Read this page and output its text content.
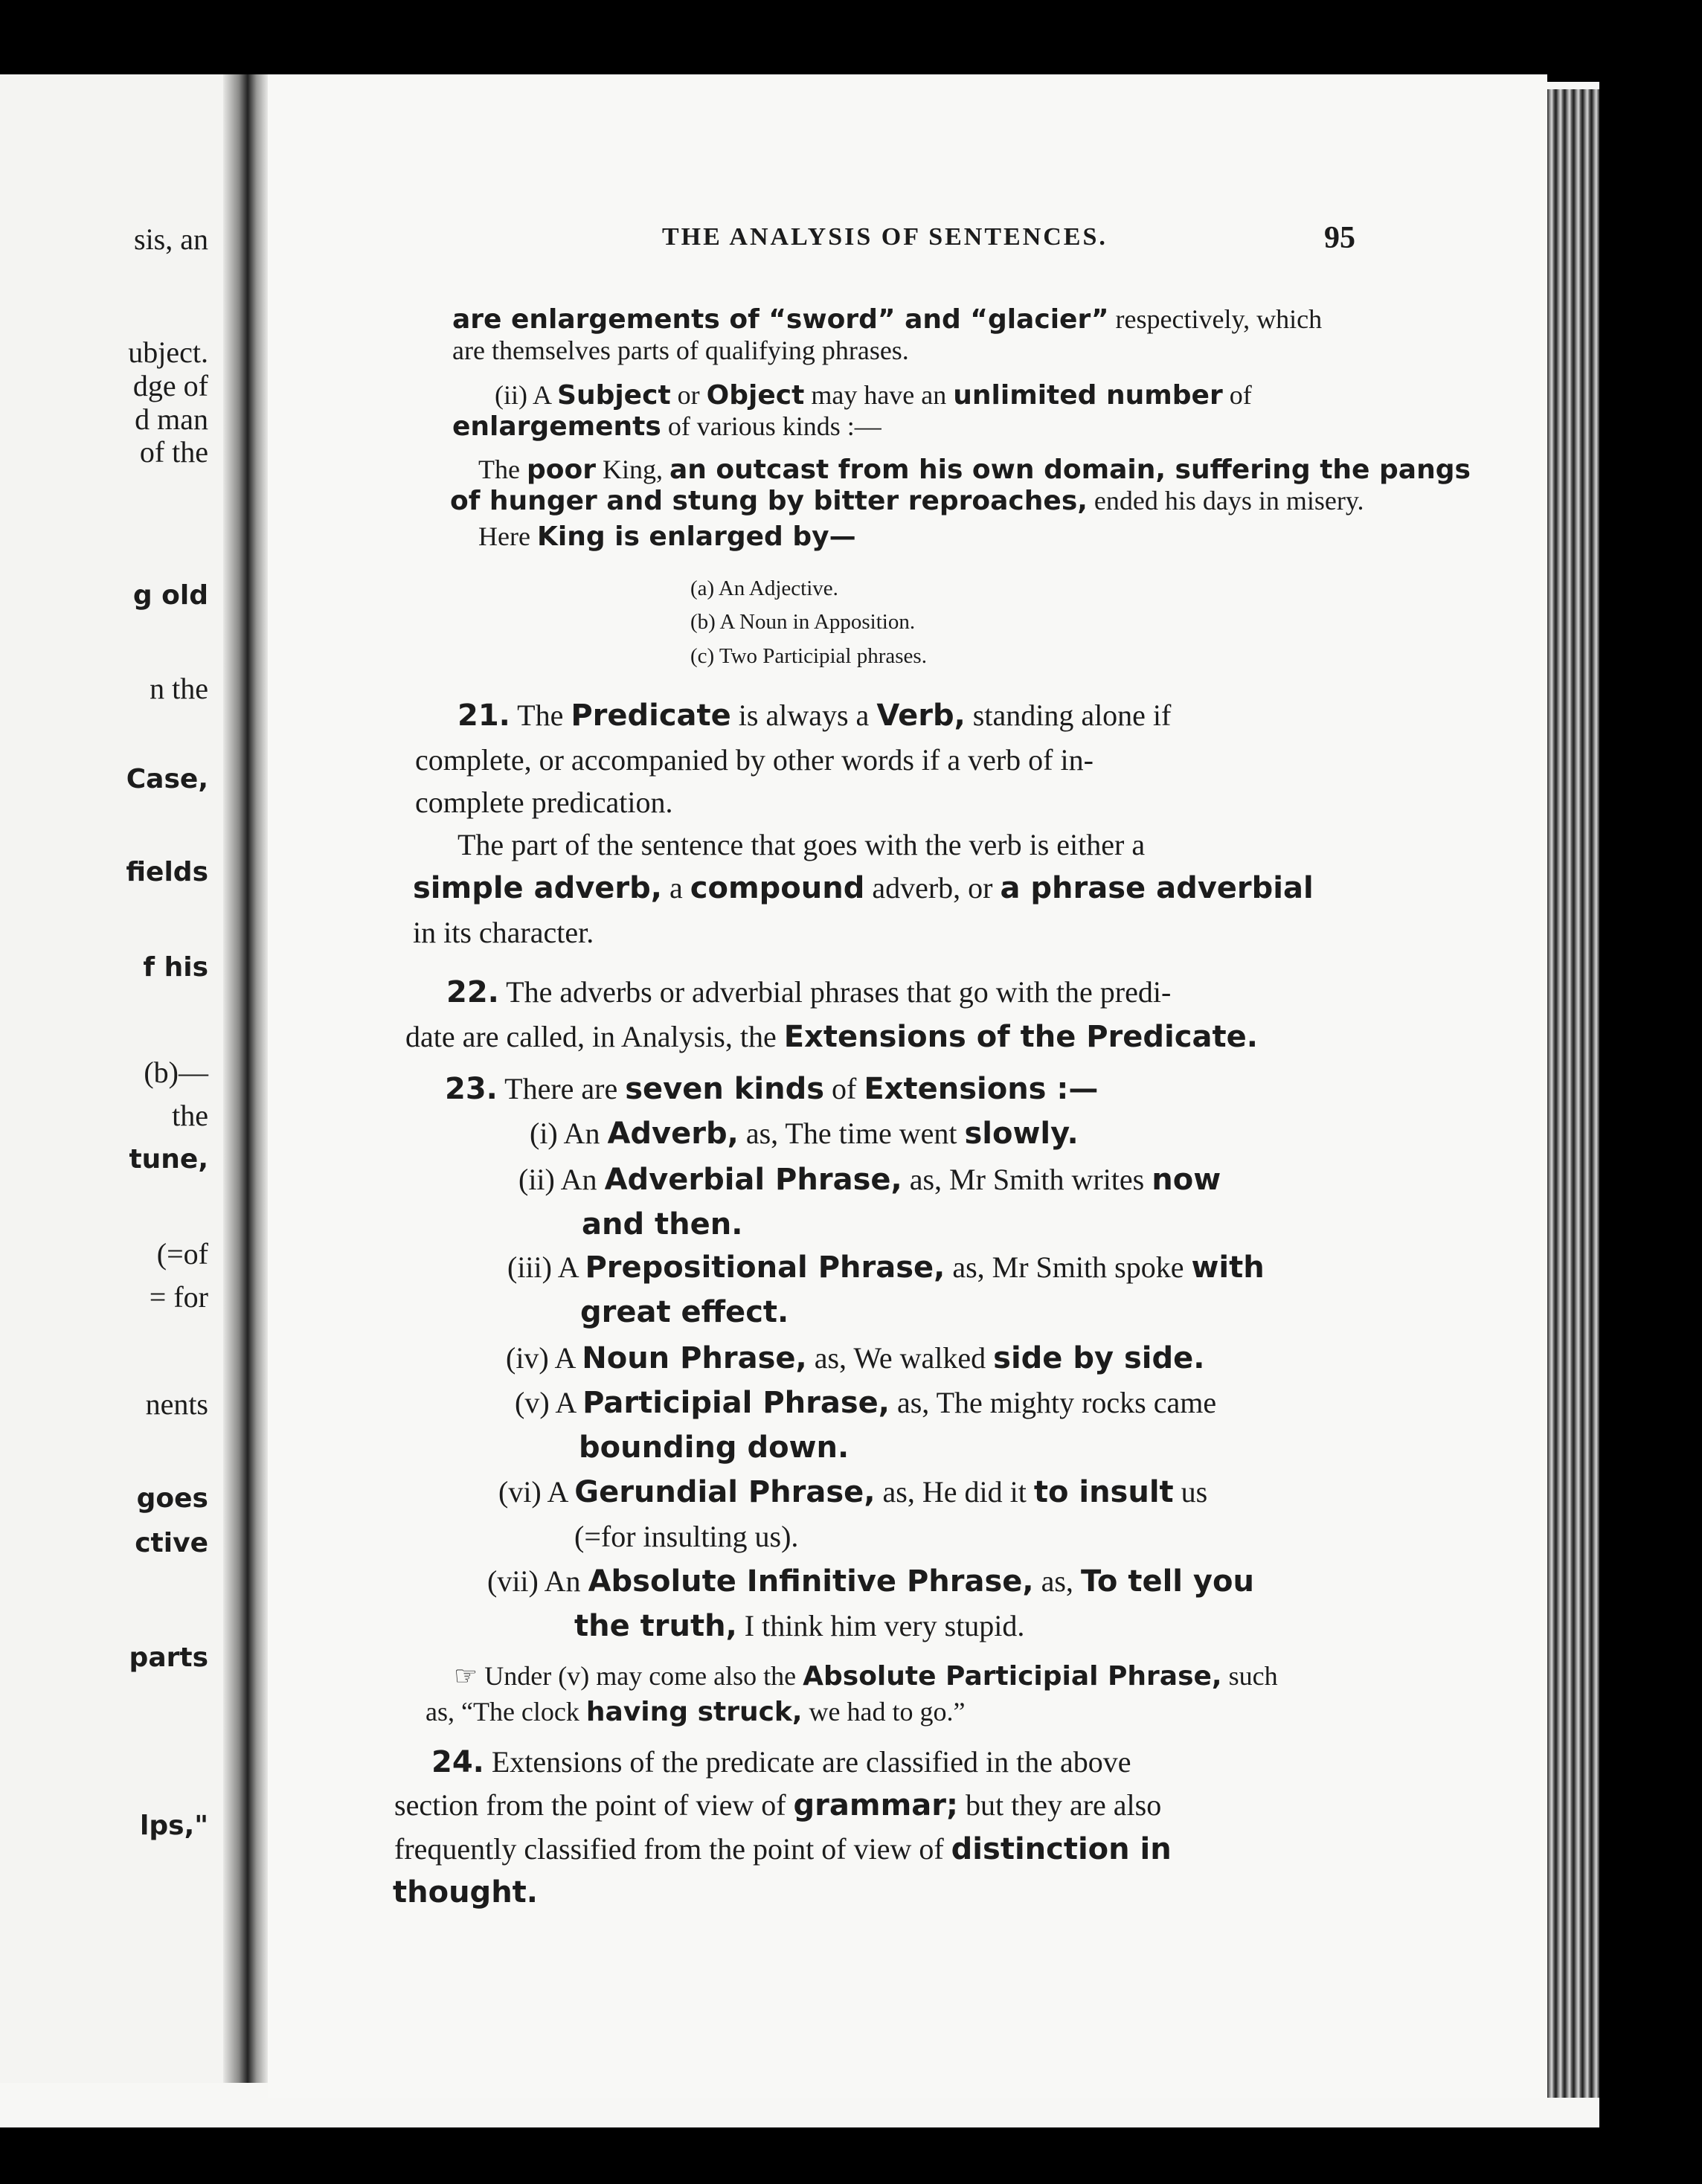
sis, an
ubject.
dge of
d man
of the
g old
n the
Case,
fields
f his
(b)—
the
tune,
(=of
= for
nents
goes
ctive
parts
lps,"
THE ANALYSIS OF SENTENCES.	95
are enlargements of “sword” and “glacier” respectively, which
are themselves parts of qualifying phrases.
(ii) A Subject or Object may have an unlimited number of
enlargements of various kinds :—
The poor King, an outcast from his own domain, suffering the pangs
of hunger and stung by bitter reproaches, ended his days in misery.
Here King is enlarged by—
(a) An Adjective.
(b) A Noun in Apposition.
(c) Two Participial phrases.
21. The Predicate is always a Verb, standing alone if
complete, or accompanied by other words if a verb of in-
complete predication.
The part of the sentence that goes with the verb is either a
simple adverb, a compound adverb, or a phrase adverbial
in its character.
22. The adverbs or adverbial phrases that go with the predi-
date are called, in Analysis, the Extensions of the Predicate.
23. There are seven kinds of Extensions :—
(i) An Adverb, as, The time went slowly.
(ii) An Adverbial Phrase, as, Mr Smith writes now
and then.
(iii) A Prepositional Phrase, as, Mr Smith spoke with
great effect.
(iv) A Noun Phrase, as, We walked side by side.
(v) A Participial Phrase, as, The mighty rocks came
bounding down.
(vi) A Gerundial Phrase, as, He did it to insult us
(=for insulting us).
(vii) An Absolute Infinitive Phrase, as, To tell you
the truth, I think him very stupid.
☞ Under (v) may come also the Absolute Participial Phrase, such
as, “The clock having struck, we had to go.”
24. Extensions of the predicate are classified in the above
section from the point of view of grammar; but they are also
frequently classified from the point of view of distinction in
thought.
